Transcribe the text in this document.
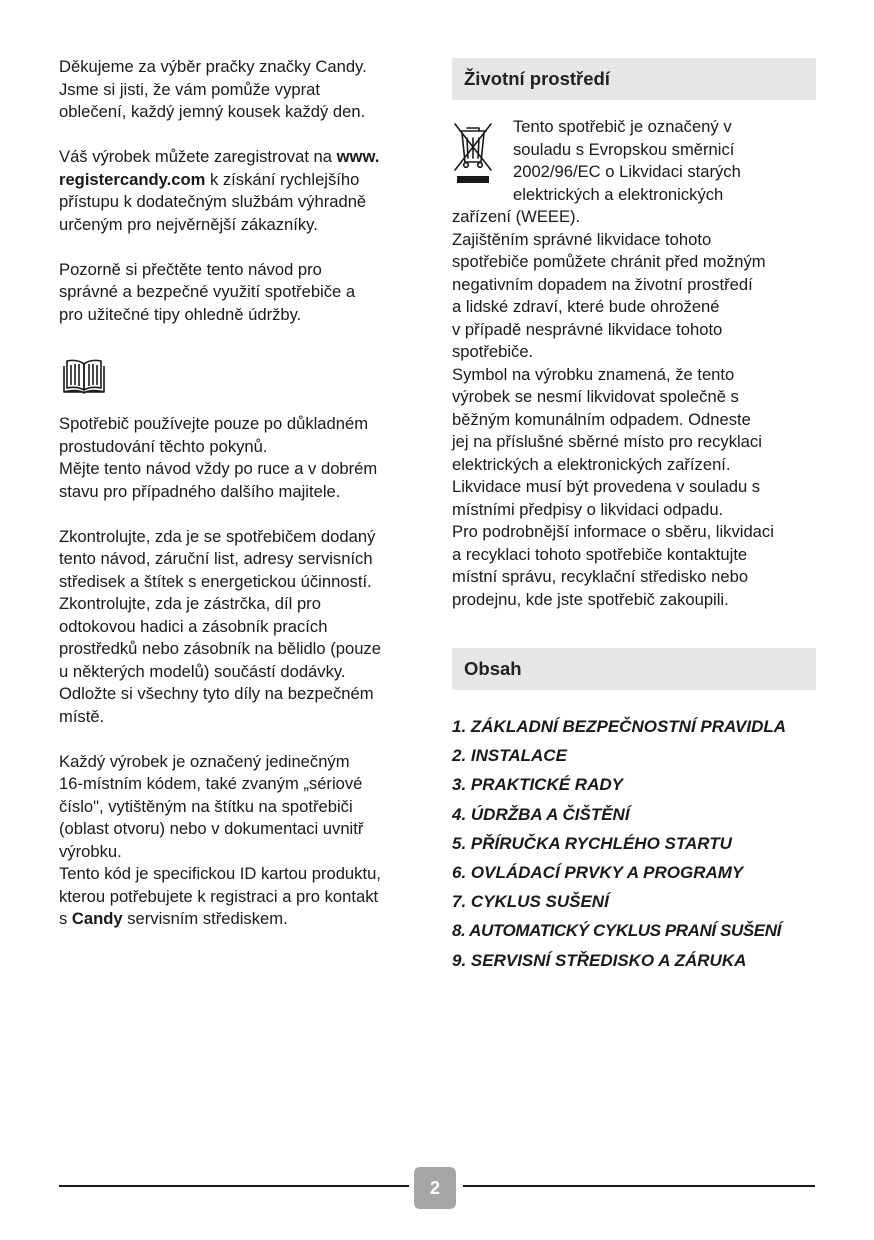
Děkujeme za výběr pračky značky Candy.

Jsme si jisti, že vám pomůže vyprat

oblečení, každý jemný kousek každý den.

Váš výrobek můžete zaregistrovat na www.

registercandy.com k získání rychlejšího

přístupu k dodatečným službám výhradně

určeným pro nejvěrnější zákazníky.

Pozorně si přečtěte tento návod pro

správné a bezpečné využití spotřebiče a

pro užitečné tipy ohledně údržby.

Spotřebič používejte pouze po důkladném

prostudování těchto pokynů.

Mějte tento návod vždy po ruce a v dobrém

stavu pro případného dalšího majitele.

Zkontrolujte, zda je se spotřebičem dodaný

tento návod, záruční list, adresy servisních

středisek a štítek s energetickou účinností.

Zkontrolujte, zda je zástrčka, díl pro

odtokovou hadici a zásobník pracích

prostředků nebo zásobník na bělidlo (pouze

u některých modelů) součástí dodávky.

Odložte si všechny tyto díly na bezpečném

místě.

Každý výrobek je označený jedinečným

16-místním kódem, také zvaným „sériové

číslo", vytištěným na štítku na spotřebiči

(oblast otvoru) nebo v dokumentaci uvnitř

výrobku.

Tento kód je specifickou ID kartou produktu,

kterou potřebujete k registraci a pro kontakt

s Candy servisním střediskem.

Životní prostředí

Tento spotřebič je označený v

souladu s Evropskou směrnicí

2002/96/EC o Likvidaci starých

elektrických a elektronických

zařízení (WEEE).

Zajištěním správné likvidace tohoto

spotřebiče pomůžete chránit před možným

negativním dopadem na životní prostředí

a lidské zdraví, které bude ohrožené

v případě nesprávné likvidace tohoto

spotřebiče.

Symbol na výrobku znamená, že tento

výrobek se nesmí likvidovat společně s

běžným komunálním odpadem. Odneste

jej na příslušné sběrné místo pro recyklaci

elektrických a elektronických zařízení.

Likvidace musí být provedena v souladu s

místními předpisy o likvidaci odpadu.

Pro podrobnější informace o sběru, likvidaci

a recyklaci tohoto spotřebiče kontaktujte

místní správu, recyklační středisko nebo

prodejnu, kde jste spotřebič zakoupili.

Obsah
1. ZÁKLADNÍ BEZPEČNOSTNÍ PRAVIDLA
2. INSTALACE
3. PRAKTICKÉ RADY
4. ÚDRŽBA A ČIŠTĚNÍ
5. PŘÍRUČKA RYCHLÉHO STARTU
6. OVLÁDACÍ PRVKY A PROGRAMY
7. CYKLUS SUŠENÍ
8. AUTOMATICKÝ CYKLUS PRANÍ SUŠENÍ
9. SERVISNÍ STŘEDISKO A ZÁRUKA
2
